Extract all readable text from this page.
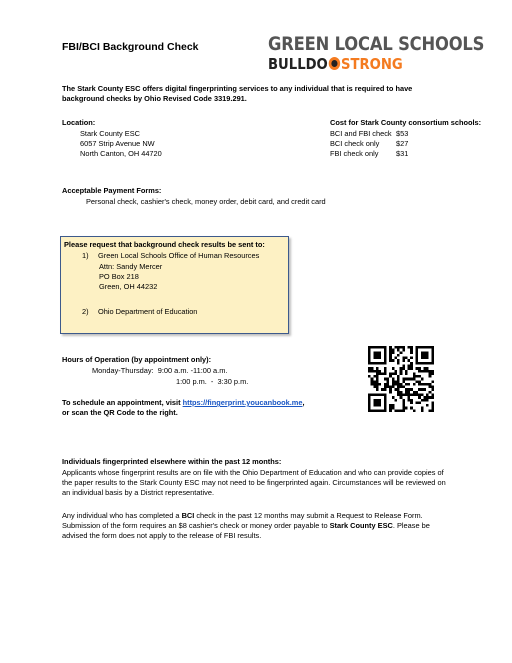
FBI/BCI Background Check	GREEN LOCAL SCHOOLS
BULLDO STRONG
The Stark County ESC offers digital fingerprinting services to any individual that is required to have background checks by Ohio Revised Code 3319.291.
Location:
Stark County ESC
6057 Strip Avenue NW
North Canton, OH 44720
Cost for Stark County consortium schools:
BCI and FBI check $53
BCI check only	$27
FBI check only	$31
Acceptable Payment Forms:
Personal check, cashier's check, money order, debit card, and credit card
Please request that background check results be sent to:
1) Green Local Schools Office of Human Resources
Attn: Sandy Mercer
PO Box 218
Green, OH 44232
2) Ohio Department of Education
Hours of Operation (by appointment only):
Monday-Thursday:  9:00 a.m. -11:00 a.m.
1:00 p.m.  -  3:30 p.m.
To schedule an appointment, visit https://fingerprint.youcanbook.me,
or scan the QR Code to the right.
Individuals fingerprinted elsewhere within the past 12 months:
Applicants whose fingerprint results are on file with the Ohio Department of Education and who can provide copies of the paper results to the Stark County ESC may not need to be fingerprinted again. Circumstances will be reviewed on an individual basis by a District representative.
Any individual who has completed a BCI check in the past 12 months may submit a Request to Release Form. Submission of the form requires an $8 cashier's check or money order payable to Stark County ESC. Please be advised the form does not apply to the release of FBI results.
